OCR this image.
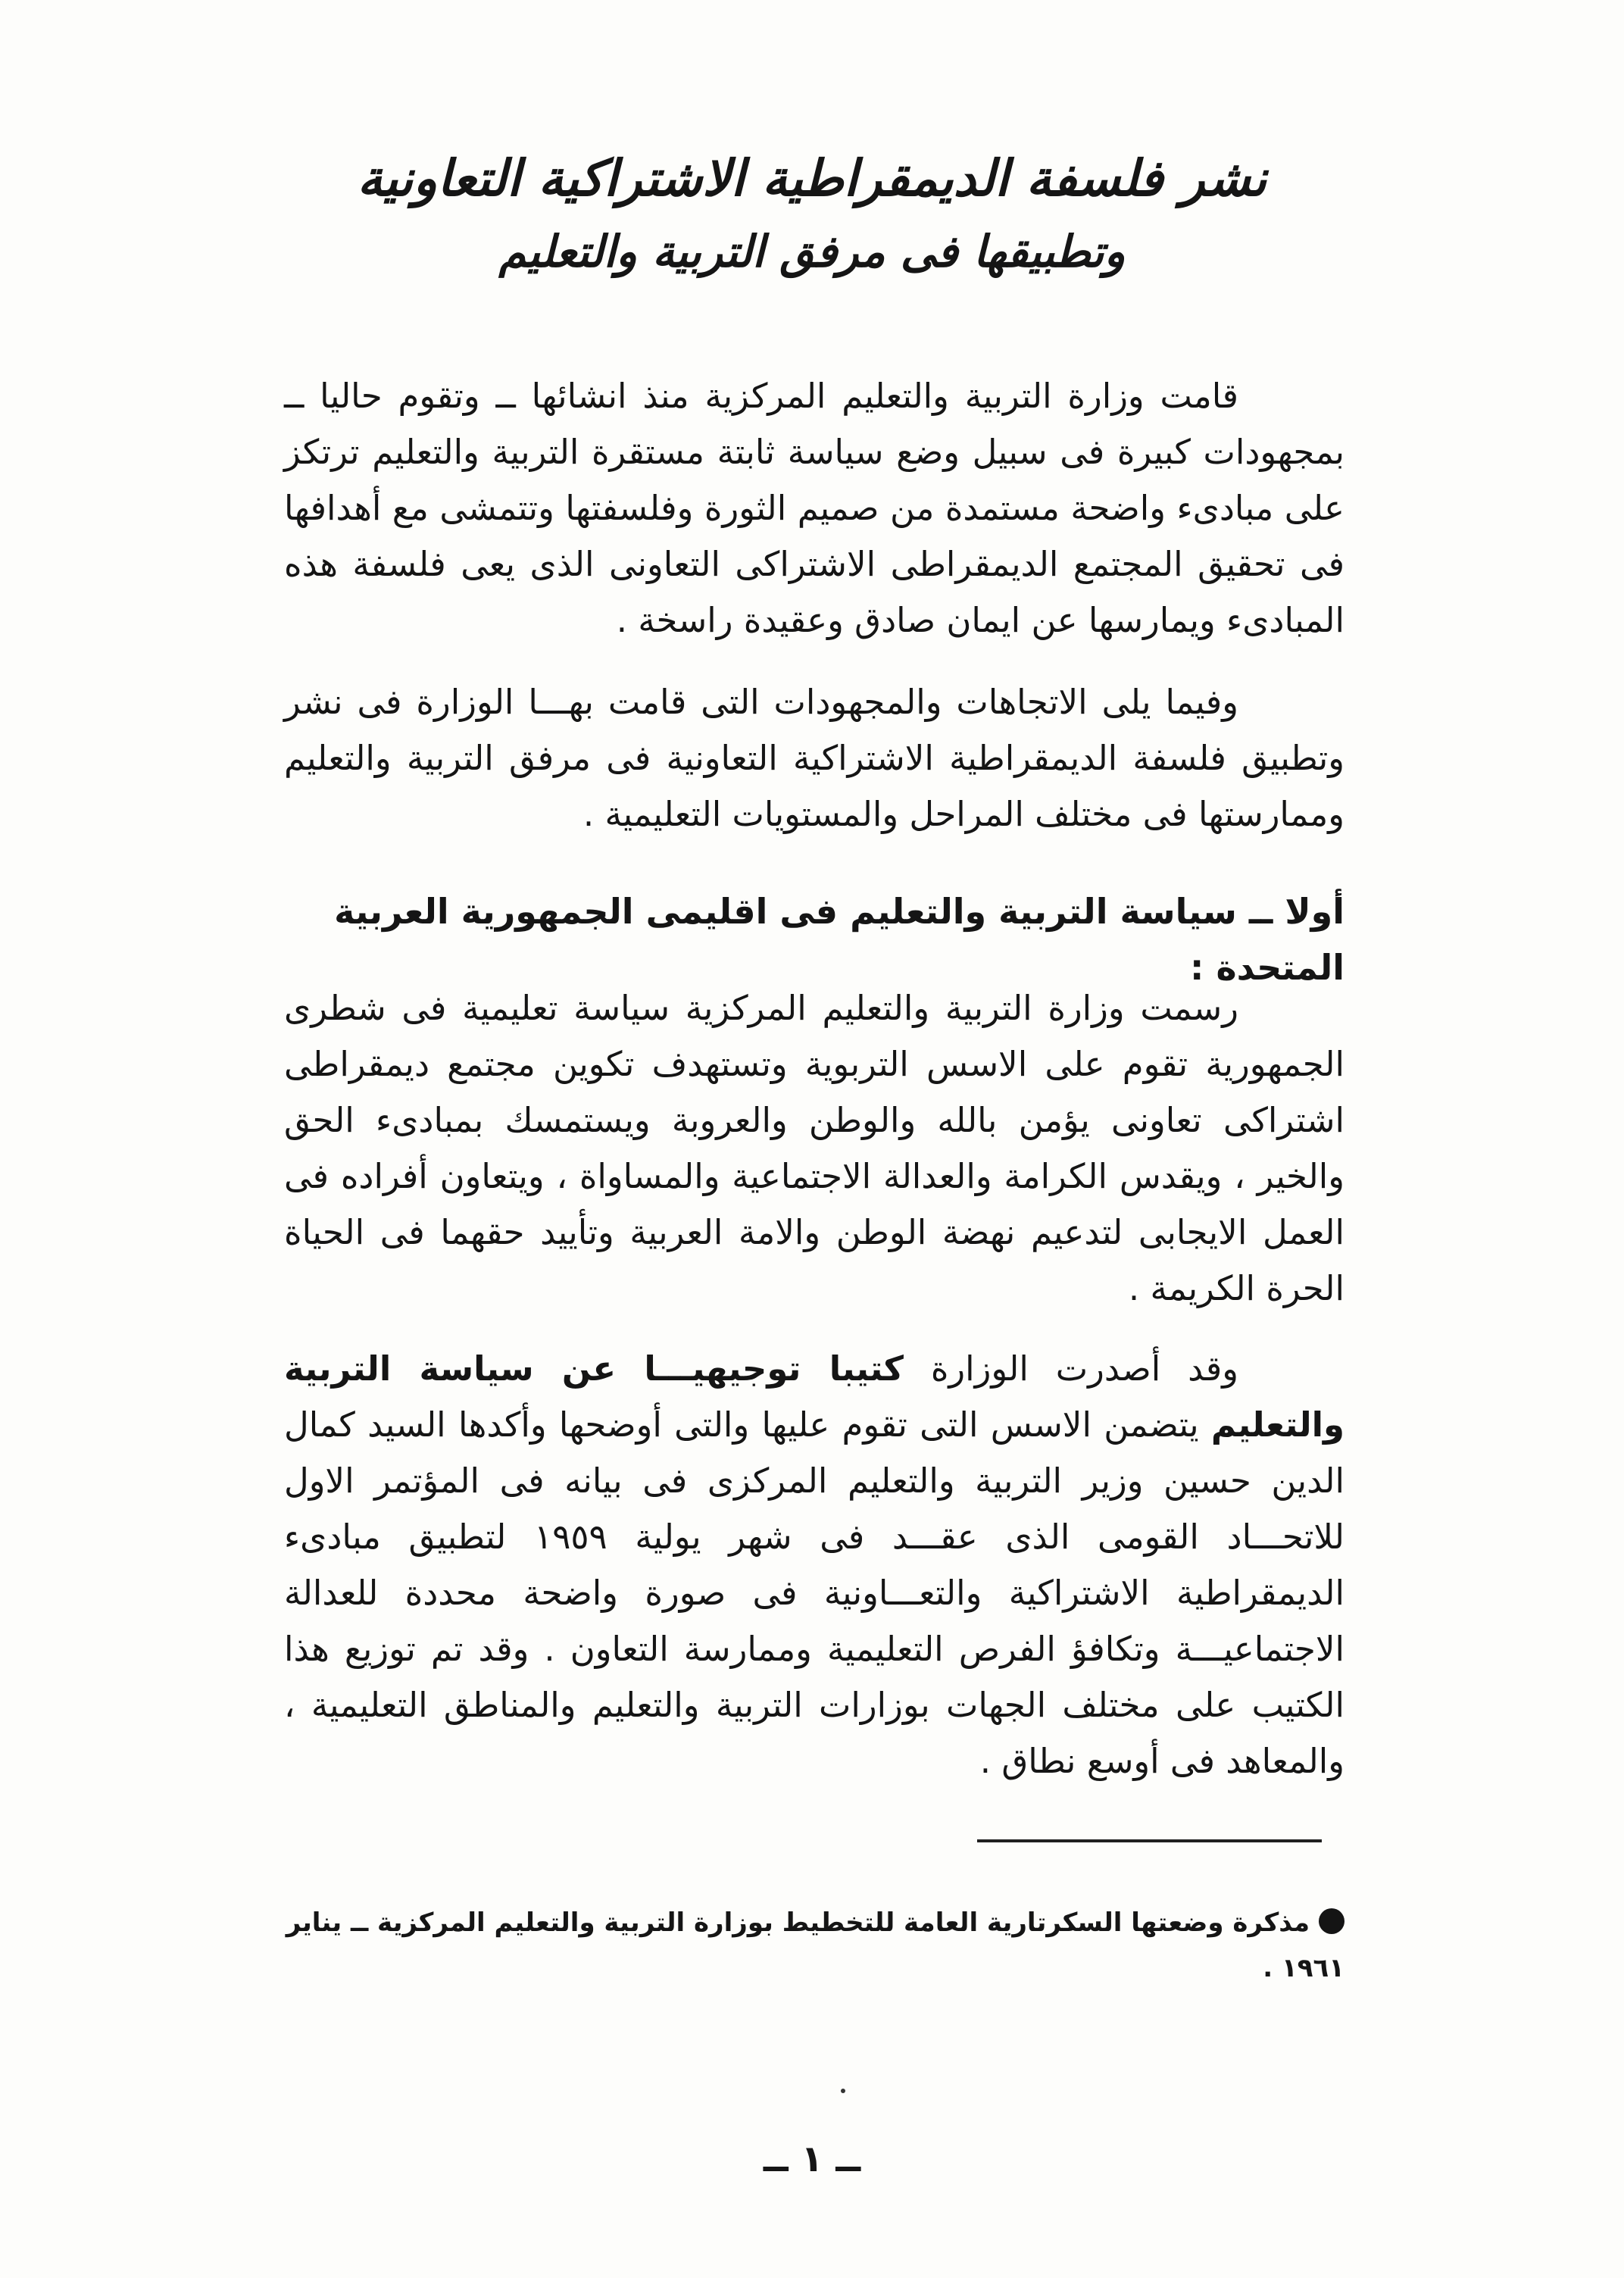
نشر فلسفة الديمقراطية الاشتراكية التعاونية
وتطبيقها فى مرفق التربية والتعليم

قامت وزارة التربية والتعليم المركزية منذ انشائها ــ وتقوم حاليا ــ بمجهودات كبيرة فى سبيل وضع سياسة ثابتة مستقرة التربية والتعليم ترتكز على مبادىء واضحة مستمدة من صميم الثورة وفلسفتها وتتمشى مع أهدافها فى تحقيق المجتمع الديمقراطى الاشتراكى التعاونى الذى يعى فلسفة هذه المبادىء ويمارسها عن ايمان صادق وعقيدة راسخة .

وفيما يلى الاتجاهات والمجهودات التى قامت بهـــا الوزارة فى نشر وتطبيق فلسفة الديمقراطية الاشتراكية التعاونية فى مرفق التربية والتعليم وممارستها فى مختلف المراحل والمستويات التعليمية .

أولا ــ سياسة التربية والتعليم فى اقليمى الجمهورية العربية المتحدة :

رسمت وزارة التربية والتعليم المركزية سياسة تعليمية فى شطرى الجمهورية تقوم على الاسس التربوية وتستهدف تكوين مجتمع ديمقراطى اشتراكى تعاونى يؤمن بالله والوطن والعروبة ويستمسك بمبادىء الحق والخير ، ويقدس الكرامة والعدالة الاجتماعية والمساواة ، ويتعاون أفراده فى العمل الايجابى لتدعيم نهضة الوطن والامة العربية وتأييد حقهما فى الحياة الحرة الكريمة .

وقد أصدرت الوزارة كتيبا توجيهيـــا عن سياسة التربية والتعليم يتضمن الاسس التى تقوم عليها والتى أوضحها وأكدها السيد كمال الدين حسين وزير التربية والتعليم المركزى فى بيانه فى المؤتمر الاول للاتحـــاد القومى الذى عقـــد فى شهر يولية ١٩٥٩ لتطبيق مبادىء الديمقراطية الاشتراكية والتعـــاونية فى صورة واضحة محددة للعدالة الاجتماعيـــة وتكافؤ الفرص التعليمية وممارسة التعاون . وقد تم توزيع هذا الكتيب على مختلف الجهات بوزارات التربية والتعليم والمناطق التعليمية ، والمعاهد فى أوسع نطاق .

مذكرة وضعتها السكرتارية العامة للتخطيط بوزارة التربية والتعليم المركزية ــ يناير ١٩٦١ .

ــ ١ ــ
